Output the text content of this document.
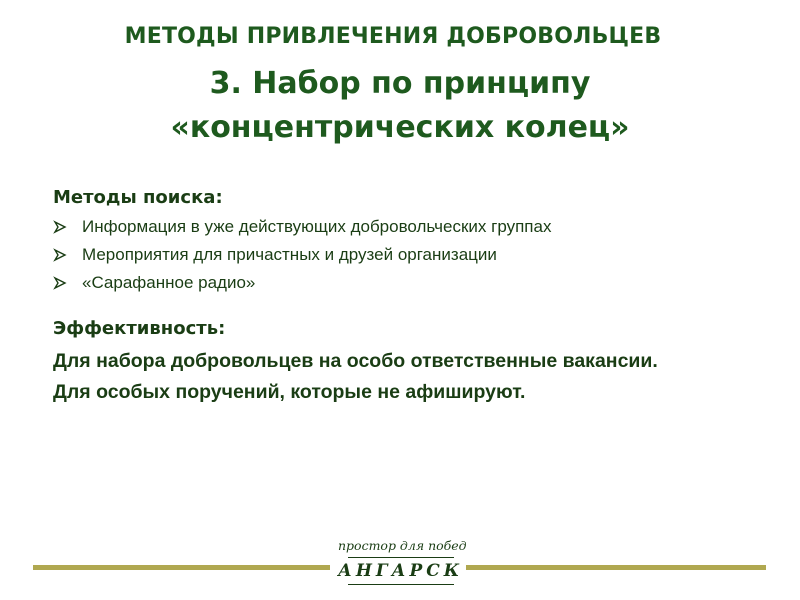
МЕТОДЫ ПРИВЛЕЧЕНИЯ ДОБРОВОЛЬЦЕВ
3. Набор по принципу
«концентрических колец»

Методы поиска:

Информация в уже действующих добровольческих группах
Мероприятия для причастных и друзей организации
«Сарафанное радио»

Эффективность:

Для набора добровольцев на особо ответственные вакансии.
Для особых поручений, которые не афишируют.
простор для побед
АНГАРСК
